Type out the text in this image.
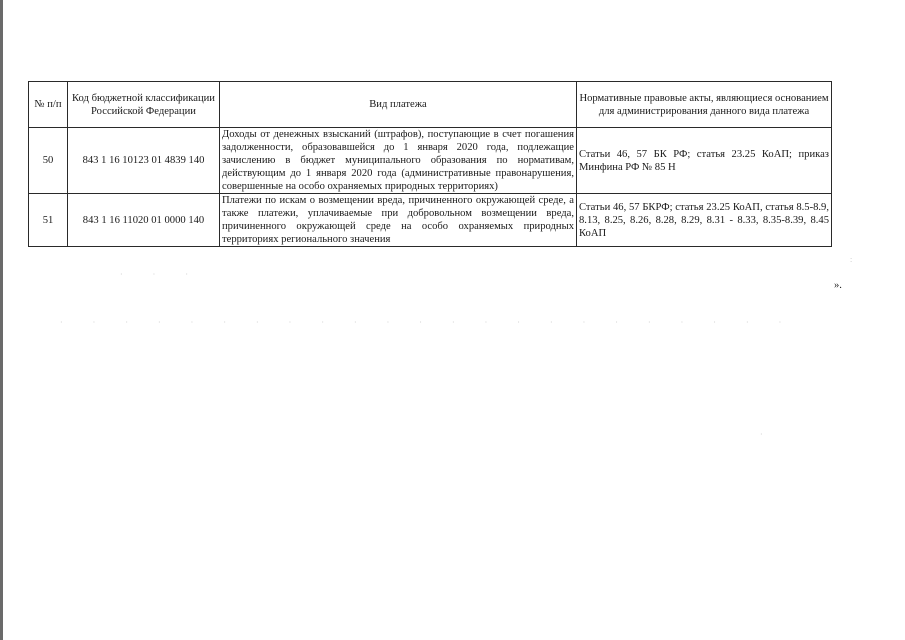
№ п/п	Код бюджетной классификации Российской Федерации	Вид платежа	Нормативные правовые акты, являющиеся основанием для администрирования данного вида платежа
50	843 1 16 10123 01 4839 140	Доходы от денежных взысканий (штрафов), поступающие в счет погашения задолженности, образовавшейся до 1 января 2020 года, подлежащие зачислению в бюджет муниципального образования по нормативам, действующим до 1 января 2020 года (административные правонарушения, совершенные на особо охраняемых природных территориях)	Статьи 46, 57 БК РФ; статья 23.25 КоАП; приказ Минфина РФ № 85 Н
51	843 1 16 11020 01 0000 140	Платежи по искам о возмещении вреда, причиненного окружающей среде, а также платежи, уплачиваемые при добровольном возмещении вреда, причиненного окружающей среде на особо охраняемых природных территориях регионального значения	Статьи 46, 57 БКРФ; статья 23.25 КоАП, статья 8.5-8.9, 8.13, 8.25, 8.26, 8.28, 8.29, 8.31 - 8.33, 8.35-8.39, 8.45 КоАП
».
· · ·
· · · · · · · · · · · · · · · · · · · · · · ·
·
:
